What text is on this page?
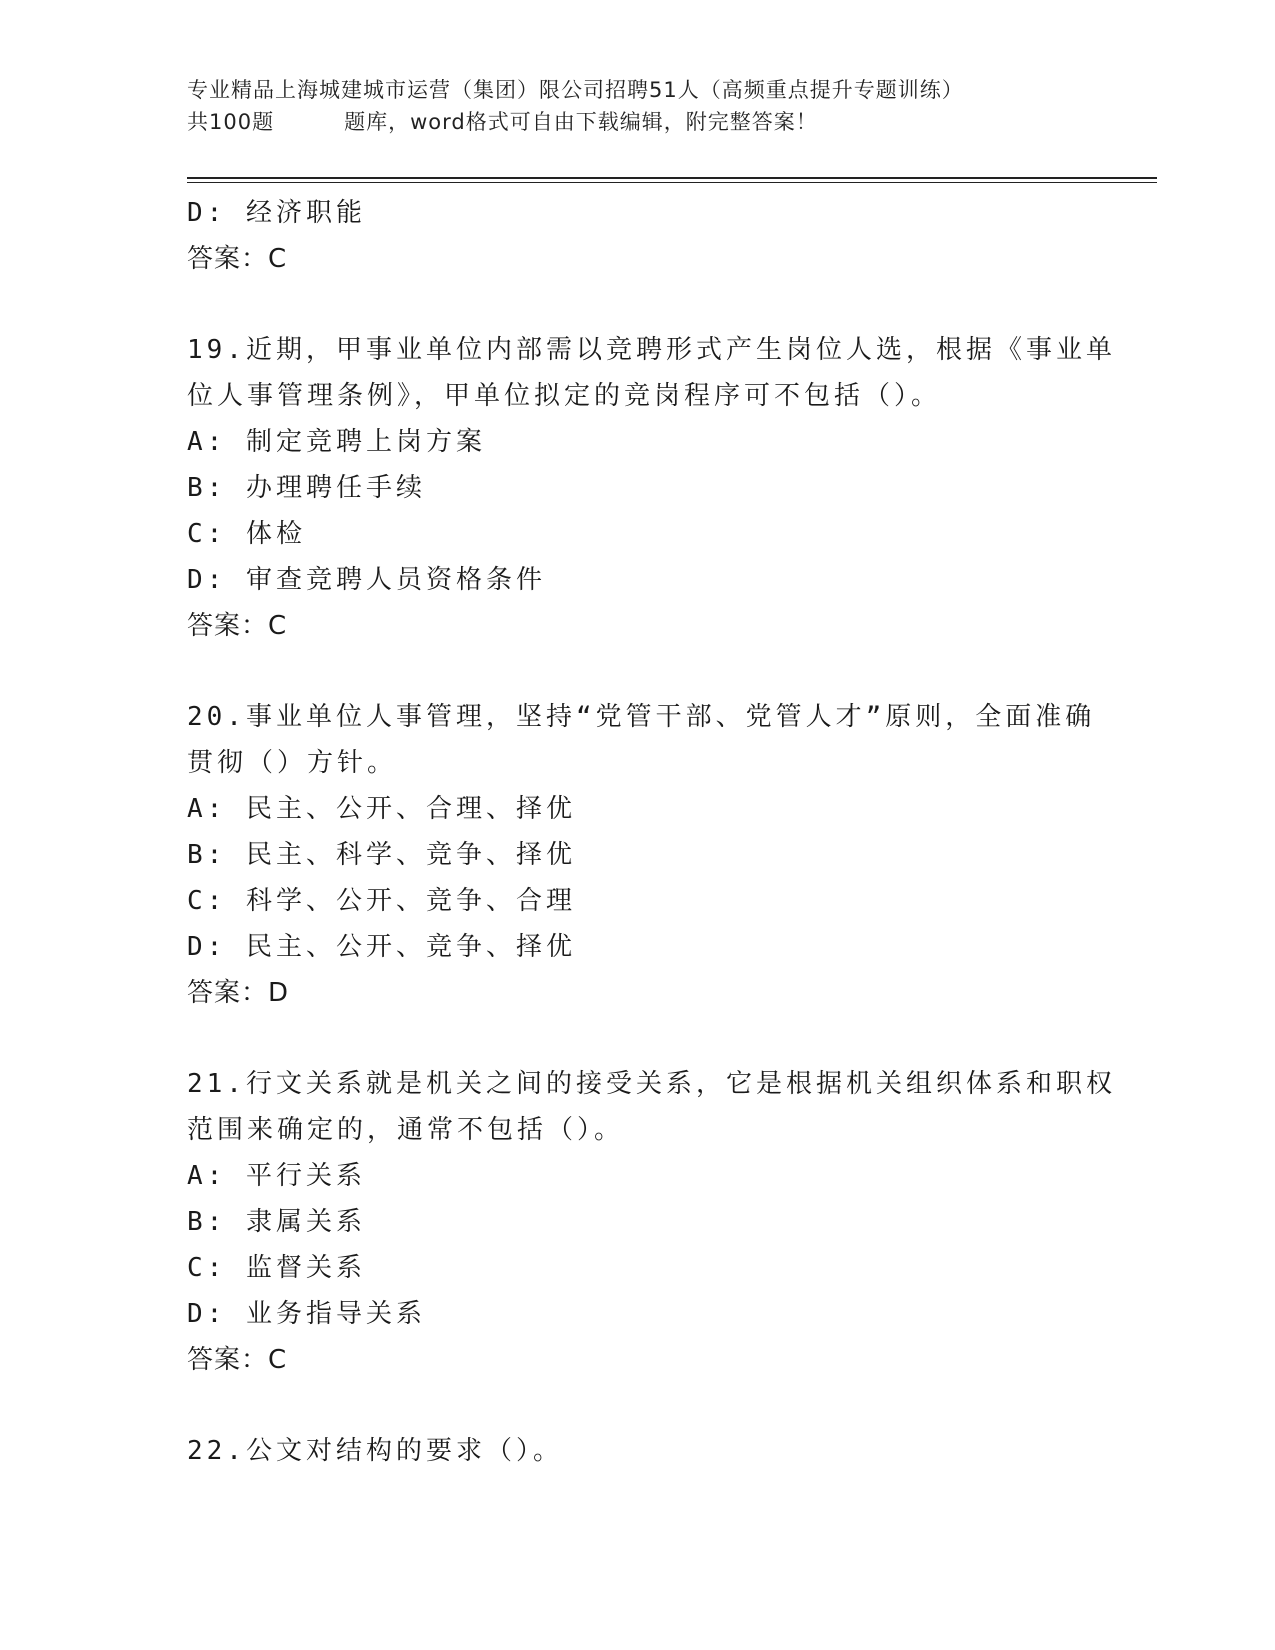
专业精品上海城建城市运营（集团）限公司招聘51人（高频重点提升专题训练）
共100题	题库，word格式可自由下载编辑，附完整答案！
D: 经济职能
答案：C
19.近期，甲事业单位内部需以竞聘形式产生岗位人选，根据《事业单
位人事管理条例》，甲单位拟定的竞岗程序可不包括（）。
A: 制定竞聘上岗方案
B: 办理聘任手续
C: 体检
D: 审查竞聘人员资格条件
答案：C
20.事业单位人事管理，坚持“党管干部、党管人才”原则，全面准确
贯彻（）方针。
A: 民主、公开、合理、择优
B: 民主、科学、竞争、择优
C: 科学、公开、竞争、合理
D: 民主、公开、竞争、择优
答案：D
21.行文关系就是机关之间的接受关系，它是根据机关组织体系和职权
范围来确定的，通常不包括（）。
A: 平行关系
B: 隶属关系
C: 监督关系
D: 业务指导关系
答案：C
22.公文对结构的要求（）。
